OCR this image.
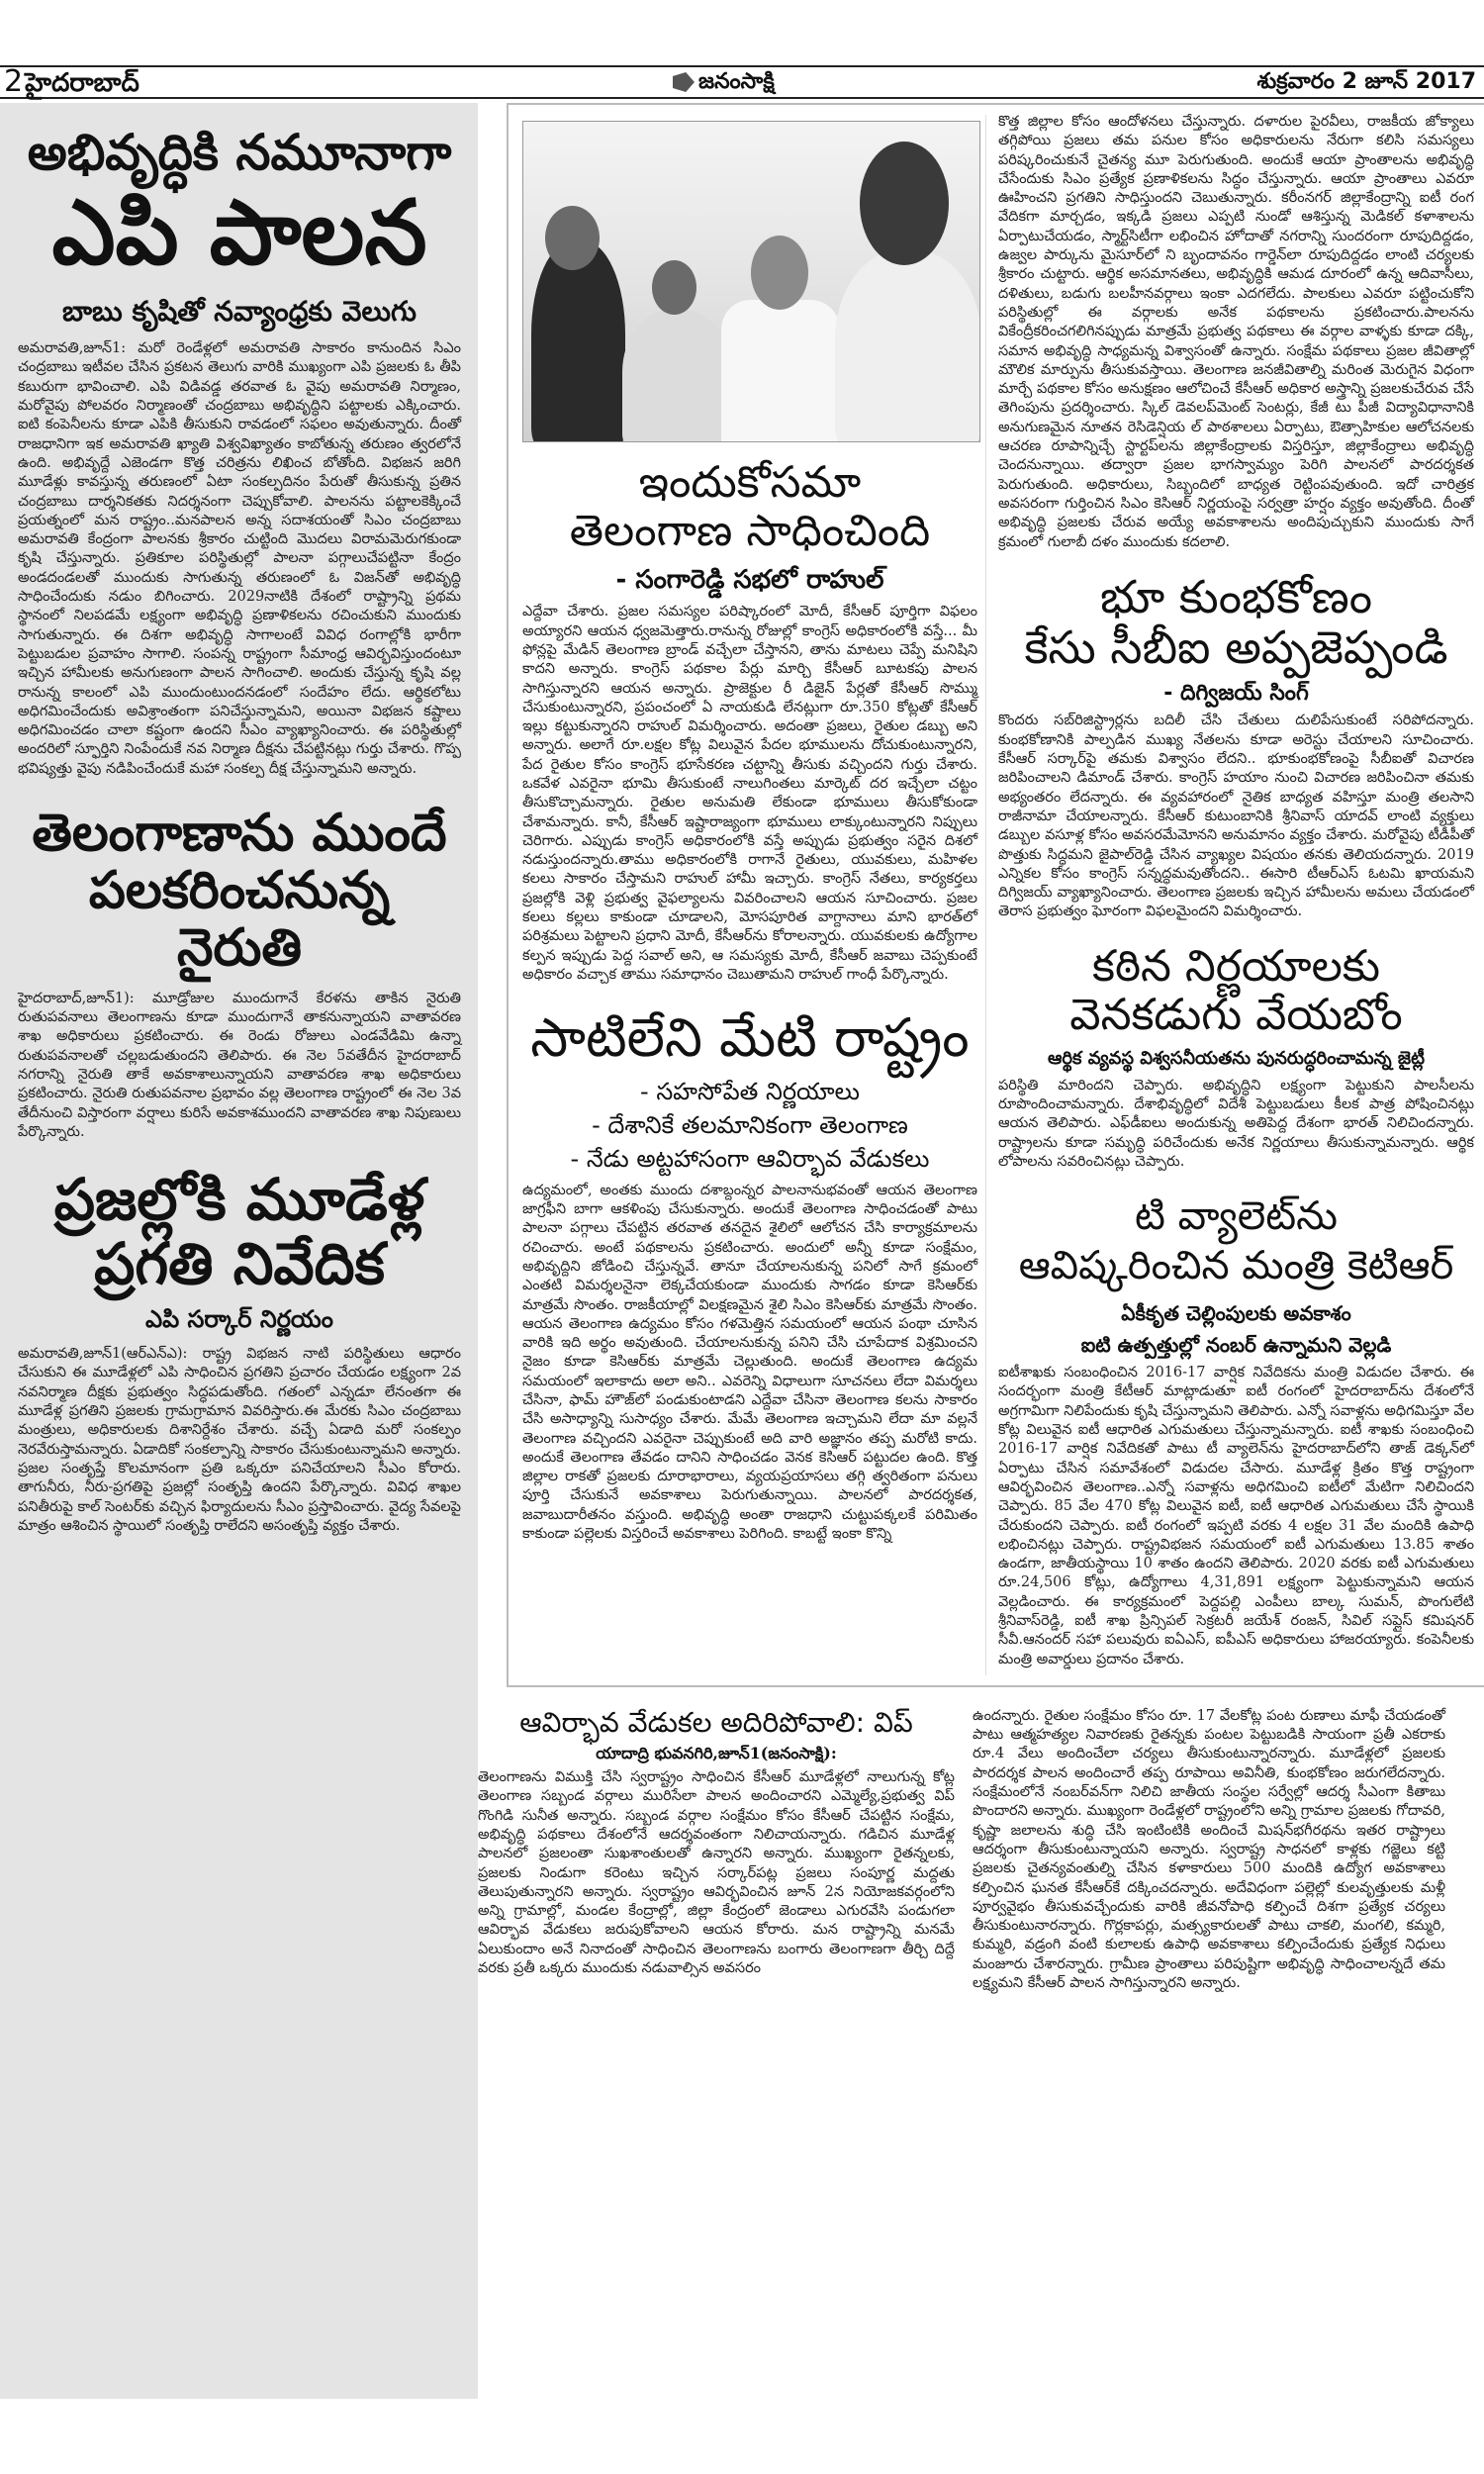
2హైదరాబాద్	జనంసాక్షి	శుక్రవారం 2 జూన్ 2017
అభివృద్ధికి నమూనాగా
ఎపి పాలన
బాబు కృషితో నవ్యాంధ్రకు వెలుగు

అమరావతి,జూన్‌1: మరో రెండేళ్లలో అమరావతి సాకారం కానుందిన సిఎం చంద్రబాబు ఇటీవల చేసిన ప్రకటన తెలుగు వారికి ముఖ్యంగా ఎపి ప్రజలకు ఓ తీపి కబురుగా భావించాలి. ఎపి విడివడ్డ తరవాత ఓ వైపు అమరావతి నిర్మాణం, మరోవైపు పోలవరం నిర్మాణంతో చంద్రబాబు అభివృద్ధిని పట్టాలకు ఎక్కించారు. ఐటి కంపెనీలను కూడా ఎపికి తీసుకుని రావడంలో సఫలం అవుతున్నారు. దీంతో రాజధానిగా ఇక అమరావతి ఖ్యాతి విశ్వవిఖ్యాతం కాబోతున్న తరుణం త్వరలోనే ఉంది. అభివృద్దే ఎజెండగా కొత్త చరిత్రను లిఖించ బోతోంది. విభజన జరిగి మూడేళ్లు కావస్తున్న తరుణంలో ఏటా సంకల్పదినం పేరుతో తీసుకున్న ప్రతిన చంద్రబాబు దార్శనికతకు నిదర్శనంగా చెప్పుకోవాలి. పాలనను పట్టాలకెక్కించే ప్రయత్నంలో మన రాష్ట్రం..మనపాలన అన్న సదాశయంతో సిఎం చంద్రబాబు అమరావతి కేంద్రంగా పాలనకు శ్రీకారం చుట్టింది మొదలు విరామమెరుగకుండా కృషి చేస్తున్నారు. ప్రతికూల పరిస్థితుల్లో పాలనా పగ్గాలుచేపట్టినా కేంద్రం అండదండలతో ముందుకు సాగుతున్న తరుణంలో ఓ విజన్‌తో అభివృద్ధి సాధించేందుకు నడుం బిగించారు. 2029నాటికి దేశంలో రాష్ట్రాన్ని ప్రథమ స్థానంలో నిలపడమే లక్ష్యంగా అభివృద్ధి ప్రణాళికలను రచించుకుని ముందుకు సాగుతున్నారు. ఈ దిశగా అభివృద్ధి సాగాలంటే వివిధ రంగాల్లోకి భారీగా పెట్టుబడుల ప్రవాహం సాగాలి. సంపన్న రాష్ట్రంగా సీమాంధ్ర ఆవిర్భవిస్తుందంటూ ఇచ్చిన హామీలకు అనుగుణంగా పాలన సాగించాలి. అందుకు చేస్తున్న కృషి వల్ల రానున్న కాలంలో ఎపి ముందుంటుందనడంలో సందేహం లేదు. ఆర్థికలోటు అధిగమించేందుకు అవిశ్రాంతంగా పనిచేస్తున్నామని, అయినా విభజన కష్టాలు అధిగమించడం చాలా కష్టంగా ఉందని సీఎం వ్యాఖ్యానించారు. ఈ పరిస్థితుల్లో అందరిలో స్ఫూర్తిని నింపేందుకే నవ నిర్మాణ దీక్షను చేపట్టినట్లు గుర్తు చేశారు. గొప్ప భవిష్యత్తు వైపు నడిపించేందుకే మహా సంకల్ప దీక్ష చేస్తున్నామని అన్నారు.

తెలంగాణాను ముందే పలకరించనున్న నైరుతి

హైదరాబాద్‌,జూన్‌1): మూడ్రోజుల ముందుగానే కేరళను తాకిన నైరుతి రుతుపవనాలు తెలంగాణను కూడా ముందుగానే తాకనున్నాయని వాతావరణ శాఖ అధికారులు ప్రకటించారు. ఈ రెండు రోజులు ఎండవేడిమి ఉన్నా రుతుపవనాలతో చల్లబడుతుందని తెలిపారు. ఈ నెల 5వతేదీన హైదరాబాద్‌ నగరాన్ని నైరుతి తాకే అవకాశాలున్నాయని వాతావరణ శాఖ అధికారులు ప్రకటించారు. నైరుతి రుతుపవనాల ప్రభావం వల్ల తెలంగాణ రాష్ట్రంలో ఈ నెల 3వ తేదీనుంచి విస్తారంగా వర్షాలు కురిసే అవకాశముందని వాతావరణ శాఖ నిపుణులు పేర్కొన్నారు.

ప్రజల్లోకి మూడేళ్ల ప్రగతి నివేదిక
ఎపి సర్కార్‌ నిర్ణయం

అమరావతి,జూన్‌1(ఆర్‌ఎన్‌ఎ): రాష్ట్ర విభజన నాటి పరిస్థితులు ఆధారం చేసుకుని ఈ మూడేళ్లలో ఎపి సాధించిన ప్రగతిని ప్రచారం చేయడం లక్ష్యంగా 2వ నవనిర్మాణ దీక్షకు ప్రభుత్వం సిద్ధపడుతోంది. గతంలో ఎన్నడూ లేనంతగా ఈ మూడేళ్ల ప్రగతిని ప్రజలకు గ్రామగ్రామాన వివరిస్తారు.ఈ మేరకు సిఎం చంద్రబాబు మంత్రులు, అధికారులకు దిశానిర్దేశం చేశారు. వచ్చే ఏడాది మరో సంకల్పం నెరవేరుస్తామన్నారు. ఏడాదికో సంకల్పాన్ని సాకారం చేసుకుంటున్నామని అన్నారు. ప్రజల సంతృప్తే కొలమానంగా ప్రతి ఒక్కరూ పనిచేయాలని సీఎం కోరారు. తాగునీరు, నీరు-ప్రగతిపై ప్రజల్లో సంతృప్తి ఉందని పేర్కొన్నారు. వివిధ శాఖల పనితీరుపై కాల్‌ సెంటర్‌కు వచ్చిన ఫిర్యాదులను సీఎం ప్రస్తావించారు. వైద్య సేవలపై మాత్రం ఆశించిన స్థాయిలో సంతృప్తి రాలేదని అసంతృప్తి వ్యక్తం చేశారు.

ఇందుకోసమా
తెలంగాణ సాధించింది
- సంగారెడ్డి సభలో రాహుల్‌

ఎద్దేవా చేశారు. ప్రజల సమస్యల పరిష్కారంలో మోదీ, కేసీఆర్‌ పూర్తిగా విఫలం అయ్యారని ఆయన ధ్వజమెత్తారు.రానున్న రోజుల్లో కాంగ్రెస్‌ అధికారంలోకి వస్తే... మీ ఫోన్లపై మేడిన్‌ తెలంగాణ బ్రాండ్‌ వచ్చేలా చేస్తానని, తాను మాటలు చెప్పే మనిషిని కాదని అన్నారు. కాంగ్రెస్‌ పథకాల పేర్లు మార్చి కేసీఆర్‌ బూటకపు పాలన సాగిస్తున్నారని ఆయన అన్నారు. ప్రాజెక్టుల రీ డిజైన్‌ పేర్లతో కేసీఆర్‌ సొమ్ము చేసుకుంటున్నారని, ప్రపంచంలో ఏ నాయకుడి లేనట్లుగా రూ.350 కోట్లతో కేసీఆర్‌ ఇల్లు కట్టుకున్నారని రాహుల్‌ విమర్శించారు. అదంతా ప్రజలు, రైతుల డబ్బు అని అన్నారు. అలాగే రూ.లక్షల కోట్ల విలువైన పేదల భూములను దోచుకుంటున్నారని, పేద రైతుల కోసం కాంగ్రెస్‌ భూసేకరణ చట్టాన్ని తీసుకు వచ్చిందని గుర్తు చేశారు. ఒకవేళ ఎవరైనా భూమి తీసుకుంటే నాలుగింతలు మార్కెట్‌ దర ఇచ్చేలా చట్టం తీసుకొచ్చామన్నారు. రైతుల అనుమతి లేకుండా భూములు తీసుకోకుండా చేశామన్నారు. కానీ, కేసీఆర్‌ ఇష్టారాజ్యంగా భూములు లాక్కుంటున్నారని నిప్పులు చెరిగారు. ఎప్పుడు కాంగ్రెస్‌ అధికారంలోకి వస్తే అప్పుడు ప్రభుత్వం సరైన దిశలో నడుస్తుందన్నారు.తాము అధికారంలోకి రాగానే రైతులు, యువకులు, మహిళల కలలు సాకారం చేస్తామని రాహుల్‌ హామీ ఇచ్చారు. కాంగ్రెస్‌ నేతలు, కార్యకర్తలు ప్రజల్లోకి వెళ్లి ప్రభుత్వ వైఫల్యాలను వివరించాలని ఆయన సూచించారు. ప్రజల కలలు కల్లలు కాకుండా చూడాలని, మోసపూరిత వాగ్దానాలు మాని భారత్‌లో పరిశ్రమలు పెట్టాలని ప్రధాని మోదీ, కేసీఆర్‌ను కోరాలన్నారు. యువకులకు ఉద్యోగాల కల్పన ఇప్పుడు పెద్ద సవాల్‌ అని, ఆ సమస్యకు మోదీ, కేసీఆర్‌ జవాబు చెప్పకుంటే అధికారం వచ్చాక తాము సమాధానం చెబుతామని రాహుల్‌ గాంధీ పేర్కొన్నారు.

సాటిలేని మేటి రాష్ట్రం
- సహసోపేత నిర్ణయాలు
- దేశానికే తలమానికంగా తెలంగాణ
- నేడు అట్టహాసంగా ఆవిర్భావ వేడుకలు

ఉద్యమంలో, అంతకు ముందు దశాబ్దంన్నర పాలనానుభవంతో ఆయన తెలంగాణ జాగ్రఫీని బాగా ఆకళింపు చేసుకున్నారు. అందుకే తెలంగాణ సాధించడంతో పాటు పాలనా పగ్గాలు చేపట్టిన తరవాత తనదైన శైలిలో ఆలోచన చేసి కార్యాక్రమాలను రచించారు. అంటే పథకాలను ప్రకటించారు. అందులో అన్నీ కూడా సంక్షేమం, అభివృద్దిని జోడించి చేస్తున్నవే. తానూ చేయాలనుకున్న పనిలో సాగే క్రమంలో ఎంతటి విమర్శలనైనా లెక్కచేయకుండా ముందుకు సాగడం కూడా కెసిఆర్‌కు మాత్రమే సొంతం. రాజకీయాల్లో విలక్షణమైన శైలి సిఎం కెసిఆర్‌కు మాత్రమే సొంతం. ఆయన తెలంగాణ ఉద్యమం కోసం గళమెత్తిన సమయంలో ఆయన పంథా చూసిన వారికి ఇది అర్థం అవుతుంది. చేయాలనుకున్న పనిని చేసి చూపేదాక విశ్రమించని నైజం కూడా కెసిఆర్‌కు మాత్రమే చెల్లుతుంది. అందుకే తెలంగాణ ఉద్యమ సమయంలో ఇలాకాదు అలా అని.. ఎవరెన్ని విధాలుగా సూచనలు లేదా విమర్శలు చేసినా, ఫామ్‌ హౌజ్‌లో పండుకుంటాడని ఎద్దేవా చేసినా తెలంగాణ కలను సాకారం చేసి అసాధ్యాన్ని సుసాధ్యం చేశారు. మేమే తెలంగాణ ఇచ్చామని లేదా మా వల్లనే తెలంగాణ వచ్చిందని ఎవరైనా చెప్పుకుంటే అది వారి అజ్ఞానం తప్ప మరోటి కాదు. అందుకే తెలంగాణ తేవడం దానిని సాధించడం వెనక కెసిఆర్‌ పట్టుదల ఉంది. కొత్త జిల్లాల రాకతో ప్రజలకు దూరాభారాలు, వ్యయప్రయాసలు తగ్గి త్వరితంగా పనులు పూర్తి చేసుకునే అవకాశాలు పెరుగుతున్నాయి. పాలనలో పారదర్శకత, జవాబుదారీతనం వస్తుంది. అభివృద్ధి అంతా రాజధాని చుట్టుపక్కలకే పరిమితం కాకుండా పల్లెలకు విస్తరించే అవకాశాలు పెరిగింది. కాబట్టే ఇంకా కొన్ని

కొత్త జిల్లాల కోసం ఆందోళనలు చేస్తున్నారు. దళారుల పైరవీలు, రాజకీయ జోక్యాలు తగ్గిపోయి ప్రజలు తమ పనుల కోసం అధికారులను నేరుగా కలిసి సమస్యలు పరిష్కరించుకునే చైతన్య మూ పెరుగుతుంది. అందుకే ఆయా ప్రాంతాలను అభివృద్ధి చేసేందుకు సిఎం ప్రత్యేక ప్రణాళికలను సిద్ధం చేస్తున్నారు. ఆయా ప్రాంతాలు ఎవరూ ఊహించని ప్రగతిని సాధిస్తుందని చెబుతున్నారు. కరీంనగర్‌ జిల్లాకేంద్రాన్ని ఐటీ రంగ వేదికగా మార్చడం, ఇక్కడి ప్రజలు ఎప్పటి నుండో ఆశిస్తున్న మెడికల్‌ కళాశాలను ఏర్పాటుచేయడం, స్మార్ట్‌సిటీగా లభించిన హోదాతో నగరాన్ని సుందరంగా రూపుదిద్దడం, ఉజ్వల పార్కును మైసూర్‌లో ని బృందావనం గార్డెన్‌లా రూపుదిద్దడం లాంటి చర్యలకు శ్రీకారం చుట్టారు. ఆర్థిక అసమానతలు, అభివృద్ధికి ఆమడ దూరంలో ఉన్న ఆదివాసీలు, దళితులు, బడుగు బలహీనవర్గాలు ఇంకా ఎదగలేదు. పాలకులు ఎవరూ పట్టించుకోని పరిస్థితుల్లో ఈ వర్గాలకు అనేక పథకాలను ప్రకటించారు.పాలనను వికేంద్రీకరించగలిగినప్పుడు మాత్రమే ప్రభుత్వ పథకాలు ఈ వర్గాల వాళ్ళకు కూడా దక్కి, సమాన అభివృద్ధి సాధ్యమన్న విశ్వాసంతో ఉన్నారు. సంక్షేమ పథకాలు ప్రజల జీవితాల్లో మౌలిక మార్పును తీసుకువస్తాయి. తెలంగాణ జనజీవితాల్ని మరింత మెరుగైన విధంగా మార్చే పథకాల కోసం అనుక్షణం ఆలోచించే కేసీఆర్‌ అధికార అస్త్రాన్ని ప్రజలకుచేరువ చేసే తెగింపును ప్రదర్శించారు. స్కిల్‌ డెవలప్‌మెంట్‌ సెంటర్లు, కేజీ టు పీజీ విద్యావిధానానికి అనుగుణమైన నూతన రెసిడెన్షియ ల్‌ పాఠశాలలు ఏర్పాటు, ఔత్సాహికుల ఆలోచనలకు ఆచరణ రూపాన్నిచ్చే స్టార్టప్‌లను జిల్లాకేంద్రాలకు విస్తరిస్తూ, జిల్లాకేంద్రాలు అభివృద్ధి చెందనున్నాయి. తద్వారా ప్రజల భాగస్వామ్యం పెరిగి పాలనలో పారదర్శకత పెరుగుతుంది. అధికారులు, సిబ్బందిలో బాధ్యత రెట్టింపవుతుంది. ఇదో చారిత్రక అవసరంగా గుర్తించిన సిఎం కెసిఆర్‌ నిర్ణయంపై సర్వత్రా హర్షం వ్యక్తం అవుతోంది. దీంతో అభివృద్ధి ప్రజలకు చేరువ అయ్యే అవకాశాలను అందిపుచ్చుకుని ముందుకు సాగే క్రమంలో గులాబీ దళం ముందుకు కదలాలి.

భూ కుంభకోణం
కేసు సీబీఐ అప్పజెప్పండి
- దిగ్విజయ్‌ సింగ్‌

కొందరు సబ్‌రిజిస్ట్రార్లను బదిలీ చేసి చేతులు దులిపేసుకుంటే సరిపోదన్నారు. కుంభకోణానికి పాల్పడిన ముఖ్య నేతలను కూడా అరెస్టు చేయాలని సూచించారు. కేసీఆర్‌ సర్కార్‌పై తమకు విశ్వాసం లేదని.. భూకుంభకోణంపై సీబీఐతో విచారణ జరిపించాలని డిమాండ్‌ చేశారు. కాంగ్రెస్‌ హయాం నుంచి విచారణ జరిపించినా తమకు అభ్యంతరం లేదన్నారు. ఈ వ్యవహారంలో నైతిక బాధ్యత వహిస్తూ మంత్రి తలసాని రాజీనామా చేయాలన్నారు. కేసీఆర్‌ కుటుంబానికి శ్రీనివాస్‌ యాదవ్‌ లాంటి వ్యక్తులు డబ్బుల వసూళ్ల కోసం అవసరమేమోనని అనుమానం వ్యక్తం చేశారు. మరోవైపు టీడీపీతో పొత్తుకు సిద్ధమని జైపాల్‌రెడ్డి చేసిన వ్యాఖ్యల విషయం తనకు తెలియదన్నారు. 2019 ఎన్నికల కోసం కాంగ్రెస్‌ సన్నద్ధమవుతోందని.. ఈసారి టీఆర్‌ఎస్‌ ఓటమి ఖాయమని దిగ్విజయ్‌ వ్యాఖ్యానించారు. తెలంగాణ ప్రజలకు ఇచ్చిన హామీలను అమలు చేయడంలో తెరాస ప్రభుత్వం ఘోరంగా విఫలమైందని విమర్శించారు.

కఠిన నిర్ణయాలకు
వెనకడుగు వేయబోం
ఆర్థిక వ్యవస్థ విశ్వసనీయతను పునరుద్ధరించామన్న జైట్లీ

పరిస్థితి మారిందని చెప్పారు. అభివృద్ధిని లక్ష్యంగా పెట్టుకుని పాలసీలను రూపొందించామన్నారు. దేశాభివృద్ధిలో విదేశీ పెట్టుబడులు కీలక పాత్ర పోషించినట్లు ఆయన తెలిపారు. ఎఫ్‌డీఐలు అందుకున్న అతిపెద్ద దేశంగా భారత్‌ నిలిచిందన్నారు. రాష్ట్రాలను కూడా సమృద్ధి పరిచేందుకు అనేక నిర్ణయాలు తీసుకున్నామన్నారు. ఆర్థిక లోపాలను సవరించినట్లు చెప్పారు.

టి వ్యాలెట్‌ను
ఆవిష్కరించిన మంత్రి కెటిఆర్‌
ఏకీకృత చెల్లింపులకు అవకాశం
ఐటి ఉత్పత్తుల్లో నంబర్‌ ఉన్నామని వెల్లడి

ఐటీశాఖకు సంబంధించిన 2016-17 వార్షిక నివేదికను మంత్రి విడుదల చేశారు. ఈ సందర్భంగా మంత్రి కేటీఆర్‌ మాట్లాడుతూ ఐటీ రంగంలో హైదరాబాద్‌ను దేశంలోనే అగ్రగామిగా నిలిపేందుకు కృషి చేస్తున్నామని తెలిపారు. ఎన్నో సవాళ్లను అధిగమిస్తూ వేల కోట్ల విలువైన ఐటీ ఆధారిత ఎగుమతులు చేస్తున్నామన్నారు. ఐటీ శాఖకు సంబంధించి 2016-17 వార్షిక నివేదికతో పాటు టీ వ్యాలెన్‌ను హైదరాబాద్‌లోని తాజ్‌ డెక్కన్‌లో ఏర్పాటు చేసిన సమావేశంలో విడుదల చేసారు. మూడేళ్ల క్రితం కొత్త రాష్ట్రంగా ఆవిర్భవించిన తెలంగాణ..ఎన్నో సవాళ్లను అధిగమించి ఐటీలో మేటిగా నిలిచిందని చెప్పారు. 85 వేల 470 కోట్ల విలువైన ఐటీ, ఐటీ ఆధారిత ఎగుమతులు చేసే స్థాయికి చేరుకుందని చెప్పారు. ఐటీ రంగంలో ఇప్పటి వరకు 4 లక్షల 31 వేల మందికి ఉపాధి లభించినట్లు చెప్పారు. రాష్ట్రవిభజన సమయంలో ఐటీ ఎగుమతులు 13.85 శాతం ఉండగా, జాతీయస్థాయి 10 శాతం ఉందని తెలిపారు. 2020 వరకు ఐటీ ఎగుమతులు రూ.24,506 కోట్లు, ఉద్యోగాలు 4,31,891 లక్ష్యంగా పెట్టుకున్నామని ఆయన వెల్లడించారు. ఈ కార్యక్రమంలో పెద్దపల్లి ఎంపీలు బాల్క సుమన్‌, పొంగులేటి శ్రీనివాస్‌రెడ్డి, ఐటీ శాఖ ప్రిన్సిపల్‌ సెక్రటరీ జయేశ్‌ రంజన్‌, సివిల్‌ సప్లైస్‌ కమిషనర్‌ సీవీ.ఆనందర్‌ సహా పలువురు ఐఏఎస్‌, ఐపీఎస్‌ అధికారులు హాజరయ్యారు. కంపెనీలకు మంత్రి అవార్డులు ప్రదానం చేశారు.

ఆవిర్భావ వేడుకల అదిరిపోవాలి: విప్‌
యాదాద్రి భువనగిరి,జూన్‌1(జనంసాక్షి):

తెలంగాణను విముక్తి చేసి స్వరాష్ట్రం సాధించిన కేసీఆర్‌ మూడేళ్లలో నాలుగున్న కోట్ల తెలంగాణ సబ్బండ వర్గాలు మురిసేలా పాలన అందించారని ఎమ్మెల్యే,ప్రభుత్వ విప్‌ గొంగిడి సునీత అన్నారు. సబ్బండ వర్గాల సంక్షేమం కోసం కేసీఆర్‌ చేపట్టిన సంక్షేమ, అభివృద్ధి పథకాలు దేశంలోనే ఆదర్శవంతంగా నిలిచాయన్నారు. గడిచిన మూడేళ్ల పాలనలో ప్రజలంతా సుఖశాంతులతో ఉన్నారని అన్నారు. ముఖ్యంగా రైతన్నలకు, ప్రజలకు నిండుగా కరెంటు ఇచ్చిన సర్కార్‌పట్ల ప్రజలు సంపూర్ణ మద్దతు తెలుపుతున్నారని అన్నారు. స్వరాష్ట్రం ఆవిర్భవించిన జూన్‌ 2న నియోజకవర్గంలోని అన్ని గ్రామాల్లో, మండల కేంద్రాల్లో, జిల్లా కేంద్రంలో జెండాలు ఎగురవేసి పండుగలా ఆవిర్భావ వేడుకలు జరుపుకోవాలని ఆయన కోరారు. మన రాష్ట్రాన్ని మనమే ఏలుకుందాం అనే నినాదంతో సాధించిన తెలంగాణను బంగారు తెలంగాణగా తీర్చి దిద్దే వరకు ప్రతీ ఒక్కరు ముందుకు నడువాల్సిన అవసరం

ఉందన్నారు. రైతుల సంక్షేమం కోసం రూ. 17 వేలకోట్ల పంట రుణాలు మాఫీ చేయడంతో పాటు ఆత్మహత్యల నివారణకు రైతన్నకు పంటల పెట్టుబడికి సాయంగా ప్రతీ ఎకరాకు రూ.4 వేలు అందించేలా చర్యలు తీసుకుంటున్నారన్నారు. మూడేళ్లలో ప్రజలకు పారదర్శక పాలన అందించారే తప్ప రూపాయి అవినీతి, కుంభకోణం జరుగలేదన్నారు. సంక్షేమంలోనే నంబర్‌వన్‌గా నిలిచి జాతీయ సంస్థల సర్వేల్లో ఆదర్శ సీఎంగా కితాబు పొందారని అన్నారు. ముఖ్యంగా రెండేళ్లలో రాష్ట్రంలోని అన్ని గ్రామాల ప్రజలకు గోదావరి, కృష్ణా జలాలను శుద్ధి చేసి ఇంటింటికి అందించే మిషన్‌భగీరథను ఇతర రాష్ట్రాలు ఆదర్శంగా తీసుకుంటున్నాయని అన్నారు. స్వరాష్ట్ర సాధనలో కాళ్లకు గజ్జెలు కట్టి ప్రజలకు చైతన్యవంతుల్ని చేసిన కళాకారులు 500 మందికి ఉద్యోగ అవకాశాలు కల్పించిన ఘనత కేసీఆర్‌కే దక్కించదన్నారు. అదేవిధంగా పల్లెల్లో కులవృత్తులకు మళ్లీ పూర్వవైభం తీసుకువచ్చేందుకు వారికి జీవనోపాధి కల్పించే దిశగా ప్రత్యేక చర్యలు తీసుకుంటునారన్నారు. గొర్లకాపర్లు, మత్స్యకారులతో పాటు చాకలి, మంగలి, కమ్మరి, కుమ్మరి, వడ్రంగి వంటి కులాలకు ఉపాధి అవకాశాలు కల్పించేందుకు ప్రత్యేక నిధులు మంజూరు చేశారన్నారు. గ్రామీణ ప్రాంతాలు పరిపుష్టిగా అభివృద్ధి సాధించాలన్నదే తమ లక్ష్యమని కేసీఆర్‌ పాలన సాగిస్తున్నారని అన్నారు.
